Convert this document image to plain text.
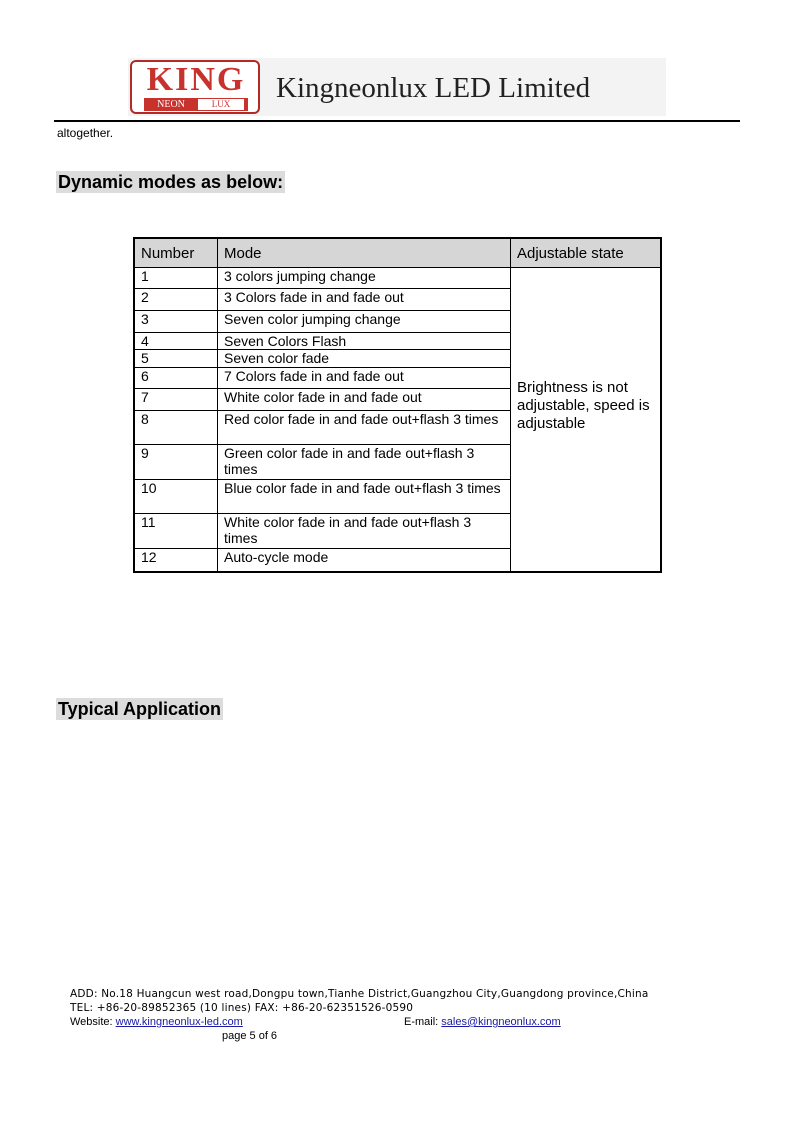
KING
NEON	LUX	Kingneonlux LED Limited
altogether.
Dynamic modes as below:
Number	Mode	Adjustable state
1	3 colors jumping change	Brightness is not adjustable, speed is adjustable
2	3 Colors fade in and fade out	
3	Seven color jumping change	
4	Seven Colors Flash	
5	Seven color fade	
6	7 Colors fade in and fade out	
7	White color fade in and fade out	
8	Red color fade in and fade out+flash 3 times	
9	Green color fade in and fade out+flash 3 times	
10	Blue color fade in and fade out+flash 3 times	
11	White color fade in and fade out+flash 3 times	
12	Auto-cycle mode	
Typical Application
ADD: No.18 Huangcun west road,Dongpu town,Tianhe District,Guangzhou City,Guangdong province,China
TEL: +86-20-89852365 (10 lines) FAX: +86-20-62351526-0590
Website: www.kingneonlux-led.com	E-mail: sales@kingneonlux.com
page 5 of 6
